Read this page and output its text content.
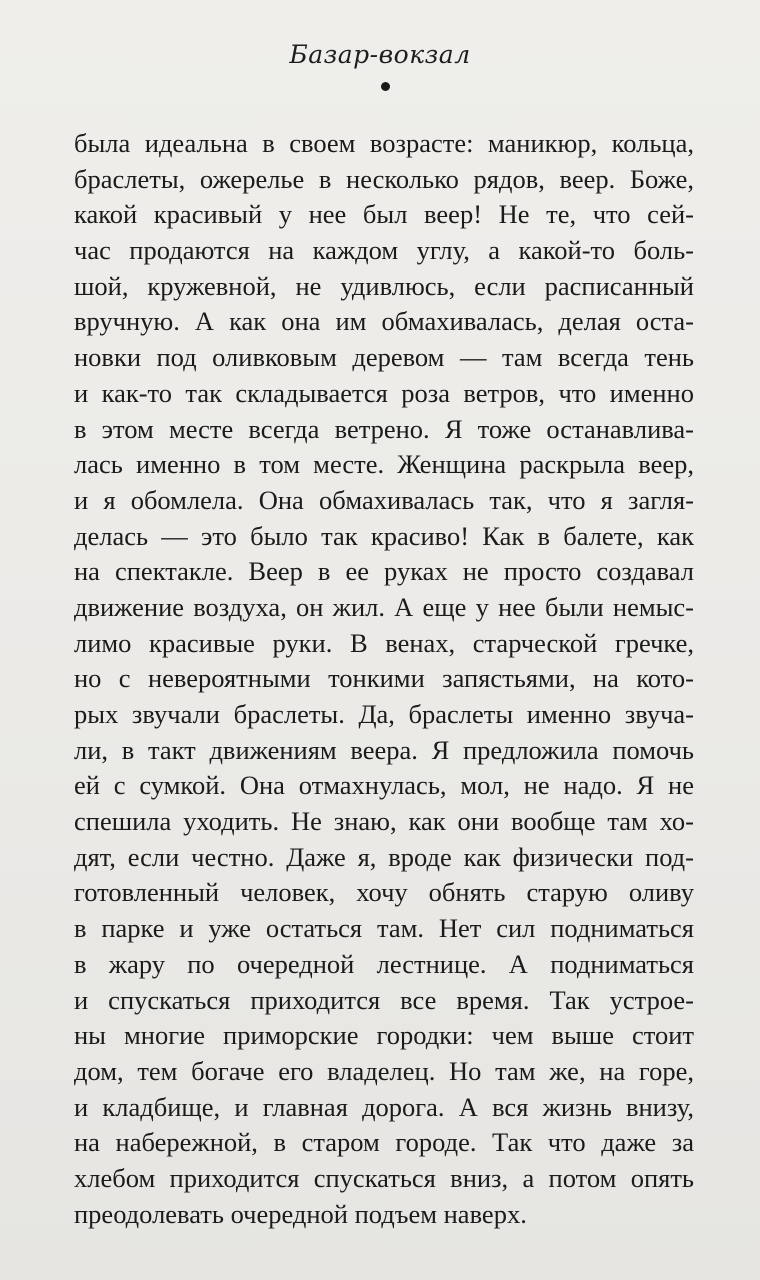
Базар-вокзал
была идеальна в своем возрасте: маникюр, кольца,
браслеты, ожерелье в несколько рядов, веер. Боже,
какой красивый у нее был веер! Не те, что сей-
час продаются на каждом углу, а какой-то боль-
шой, кружевной, не удивлюсь, если расписанный
вручную. А как она им обмахивалась, делая оста-
новки под оливковым деревом — там всегда тень
и как-то так складывается роза ветров, что именно
в этом месте всегда ветрено. Я тоже останавлива-
лась именно в том месте. Женщина раскрыла веер,
и я обомлела. Она обмахивалась так, что я загля-
делась — это было так красиво! Как в балете, как
на спектакле. Веер в ее руках не просто создавал
движение воздуха, он жил. А еще у нее были немыс-
лимо красивые руки. В венах, старческой гречке,
но с невероятными тонкими запястьями, на кото-
рых звучали браслеты. Да, браслеты именно звуча-
ли, в такт движениям веера. Я предложила помочь
ей с сумкой. Она отмахнулась, мол, не надо. Я не
спешила уходить. Не знаю, как они вообще там хо-
дят, если честно. Даже я, вроде как физически под-
готовленный человек, хочу обнять старую оливу
в парке и уже остаться там. Нет сил подниматься
в жару по очередной лестнице. А подниматься
и спускаться приходится все время. Так устрое-
ны многие приморские городки: чем выше стоит
дом, тем богаче его владелец. Но там же, на горе,
и кладбище, и главная дорога. А вся жизнь внизу,
на набережной, в старом городе. Так что даже за
хлебом приходится спускаться вниз, а потом опять
преодолевать очередной подъем наверх.
